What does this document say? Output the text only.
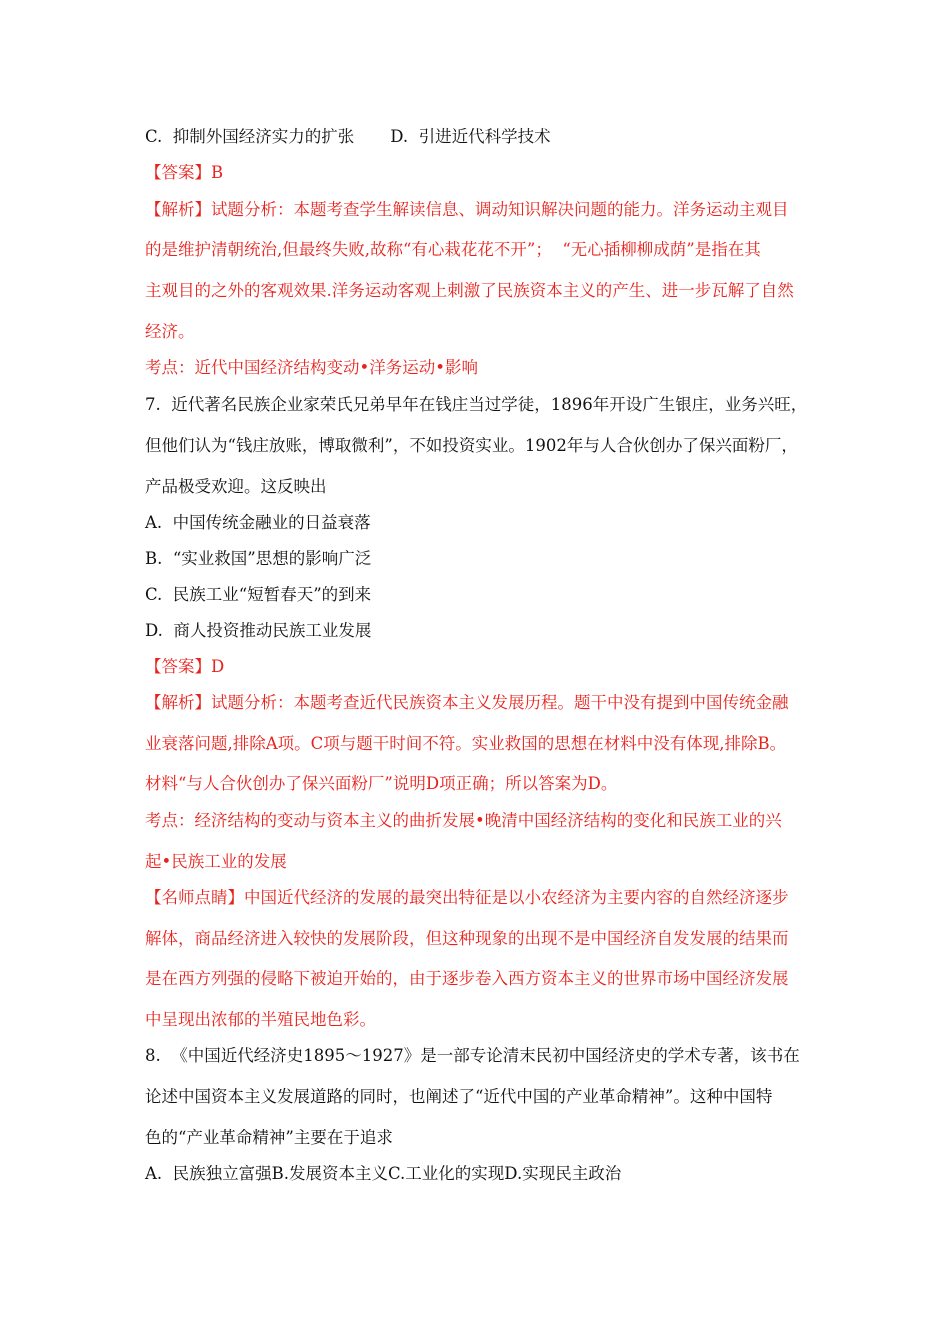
C.  抑制外国经济实力的扩张 D.  引进近代科学技术
【答案】B
【解析】试题分析：本题考查学生解读信息、调动知识解决问题的能力。洋务运动主观目
的是维护清朝统治,但最终失败,故称“有心栽花花不开”；  “无心插柳柳成荫”是指在其
主观目的之外的客观效果.洋务运动客观上刺激了民族资本主义的产生、进一步瓦解了自然
经济。
考点：近代中国经济结构变动•洋务运动•影响
7.  近代著名民族企业家荣氏兄弟早年在钱庄当过学徒，1896年开设广生银庄，业务兴旺，
但他们认为“钱庄放账，博取微利”，不如投资实业。1902年与人合伙创办了保兴面粉厂，
产品极受欢迎。这反映出
A.  中国传统金融业的日益衰落
B.  “实业救国”思想的影响广泛
C.  民族工业“短暂春天”的到来
D.  商人投资推动民族工业发展
【答案】D
【解析】试题分析：本题考查近代民族资本主义发展历程。题干中没有提到中国传统金融
业衰落问题,排除A项。C项与题干时间不符。实业救国的思想在材料中没有体现,排除B。
材料“与人合伙创办了保兴面粉厂”说明D项正确；所以答案为D。
考点：经济结构的变动与资本主义的曲折发展•晚清中国经济结构的变化和民族工业的兴
起•民族工业的发展
【名师点睛】中国近代经济的发展的最突出特征是以小农经济为主要内容的自然经济逐步
解体，商品经济进入较快的发展阶段，但这种现象的出现不是中国经济自发发展的结果而
是在西方列强的侵略下被迫开始的，由于逐步卷入西方资本主义的世界市场中国经济发展
中呈现出浓郁的半殖民地色彩。
8.  《中国近代经济史1895～1927》是一部专论清末民初中国经济史的学术专著，该书在
论述中国资本主义发展道路的同时，也阐述了“近代中国的产业革命精神”。这种中国特
色的“产业革命精神”主要在于追求
A.  民族独立富强B.发展资本主义C.工业化的实现D.实现民主政治
